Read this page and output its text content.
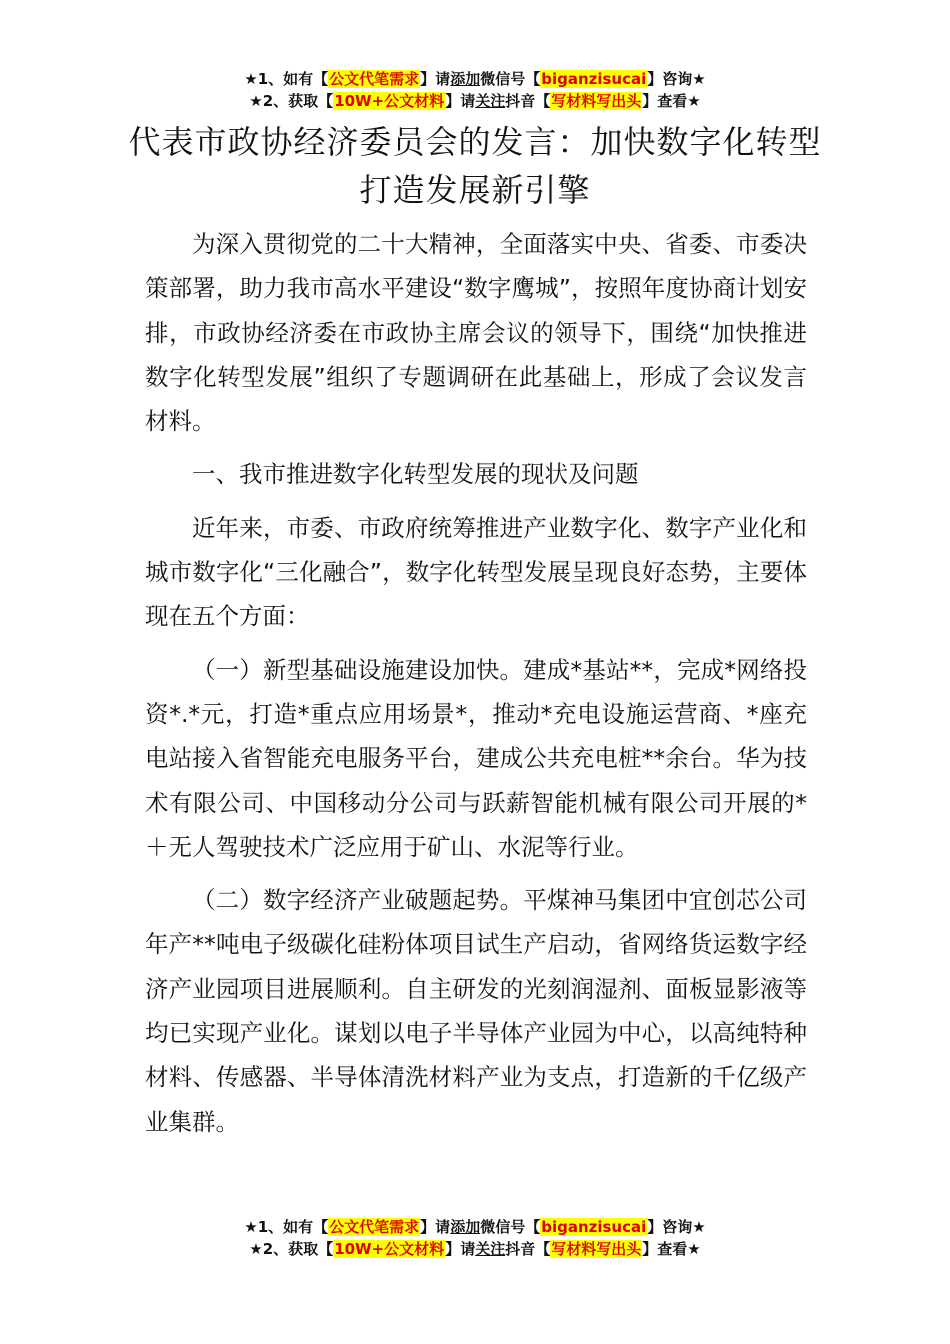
★1、如有【公文代笔需求】请添加微信号【biganzisucai】咨询★
★2、获取【10W+公文材料】请关注抖音【写材料写出头】查看★
代表市政协经济委员会的发言：加快数字化转型打造发展新引擎

为深入贯彻党的二十大精神，全面落实中央、省委、市委决策部署，助力我市高水平建设“数字鹰城”，按照年度协商计划安排，市政协经济委在市政协主席会议的领导下，围绕“加快推进数字化转型发展”组织了专题调研在此基础上，形成了会议发言材料。

一、我市推进数字化转型发展的现状及问题

近年来，市委、市政府统筹推进产业数字化、数字产业化和城市数字化“三化融合”，数字化转型发展呈现良好态势，主要体现在五个方面：

（一）新型基础设施建设加快。建成*基站**，完成*网络投资*.*元，打造*重点应用场景*，推动*充电设施运营商、*座充电站接入省智能充电服务平台，建成公共充电桩**余台。华为技术有限公司、中国移动分公司与跃薪智能机械有限公司开展的*＋无人驾驶技术广泛应用于矿山、水泥等行业。

（二）数字经济产业破题起势。平煤神马集团中宜创芯公司年产**吨电子级碳化硅粉体项目试生产启动，省网络货运数字经济产业园项目进展顺利。自主研发的光刻润湿剂、面板显影液等均已实现产业化。谋划以电子半导体产业园为中心，以高纯特种材料、传感器、半导体清洗材料产业为支点，打造新的千亿级产业集群。

★1、如有【公文代笔需求】请添加微信号【biganzisucai】咨询★
★2、获取【10W+公文材料】请关注抖音【写材料写出头】查看★
